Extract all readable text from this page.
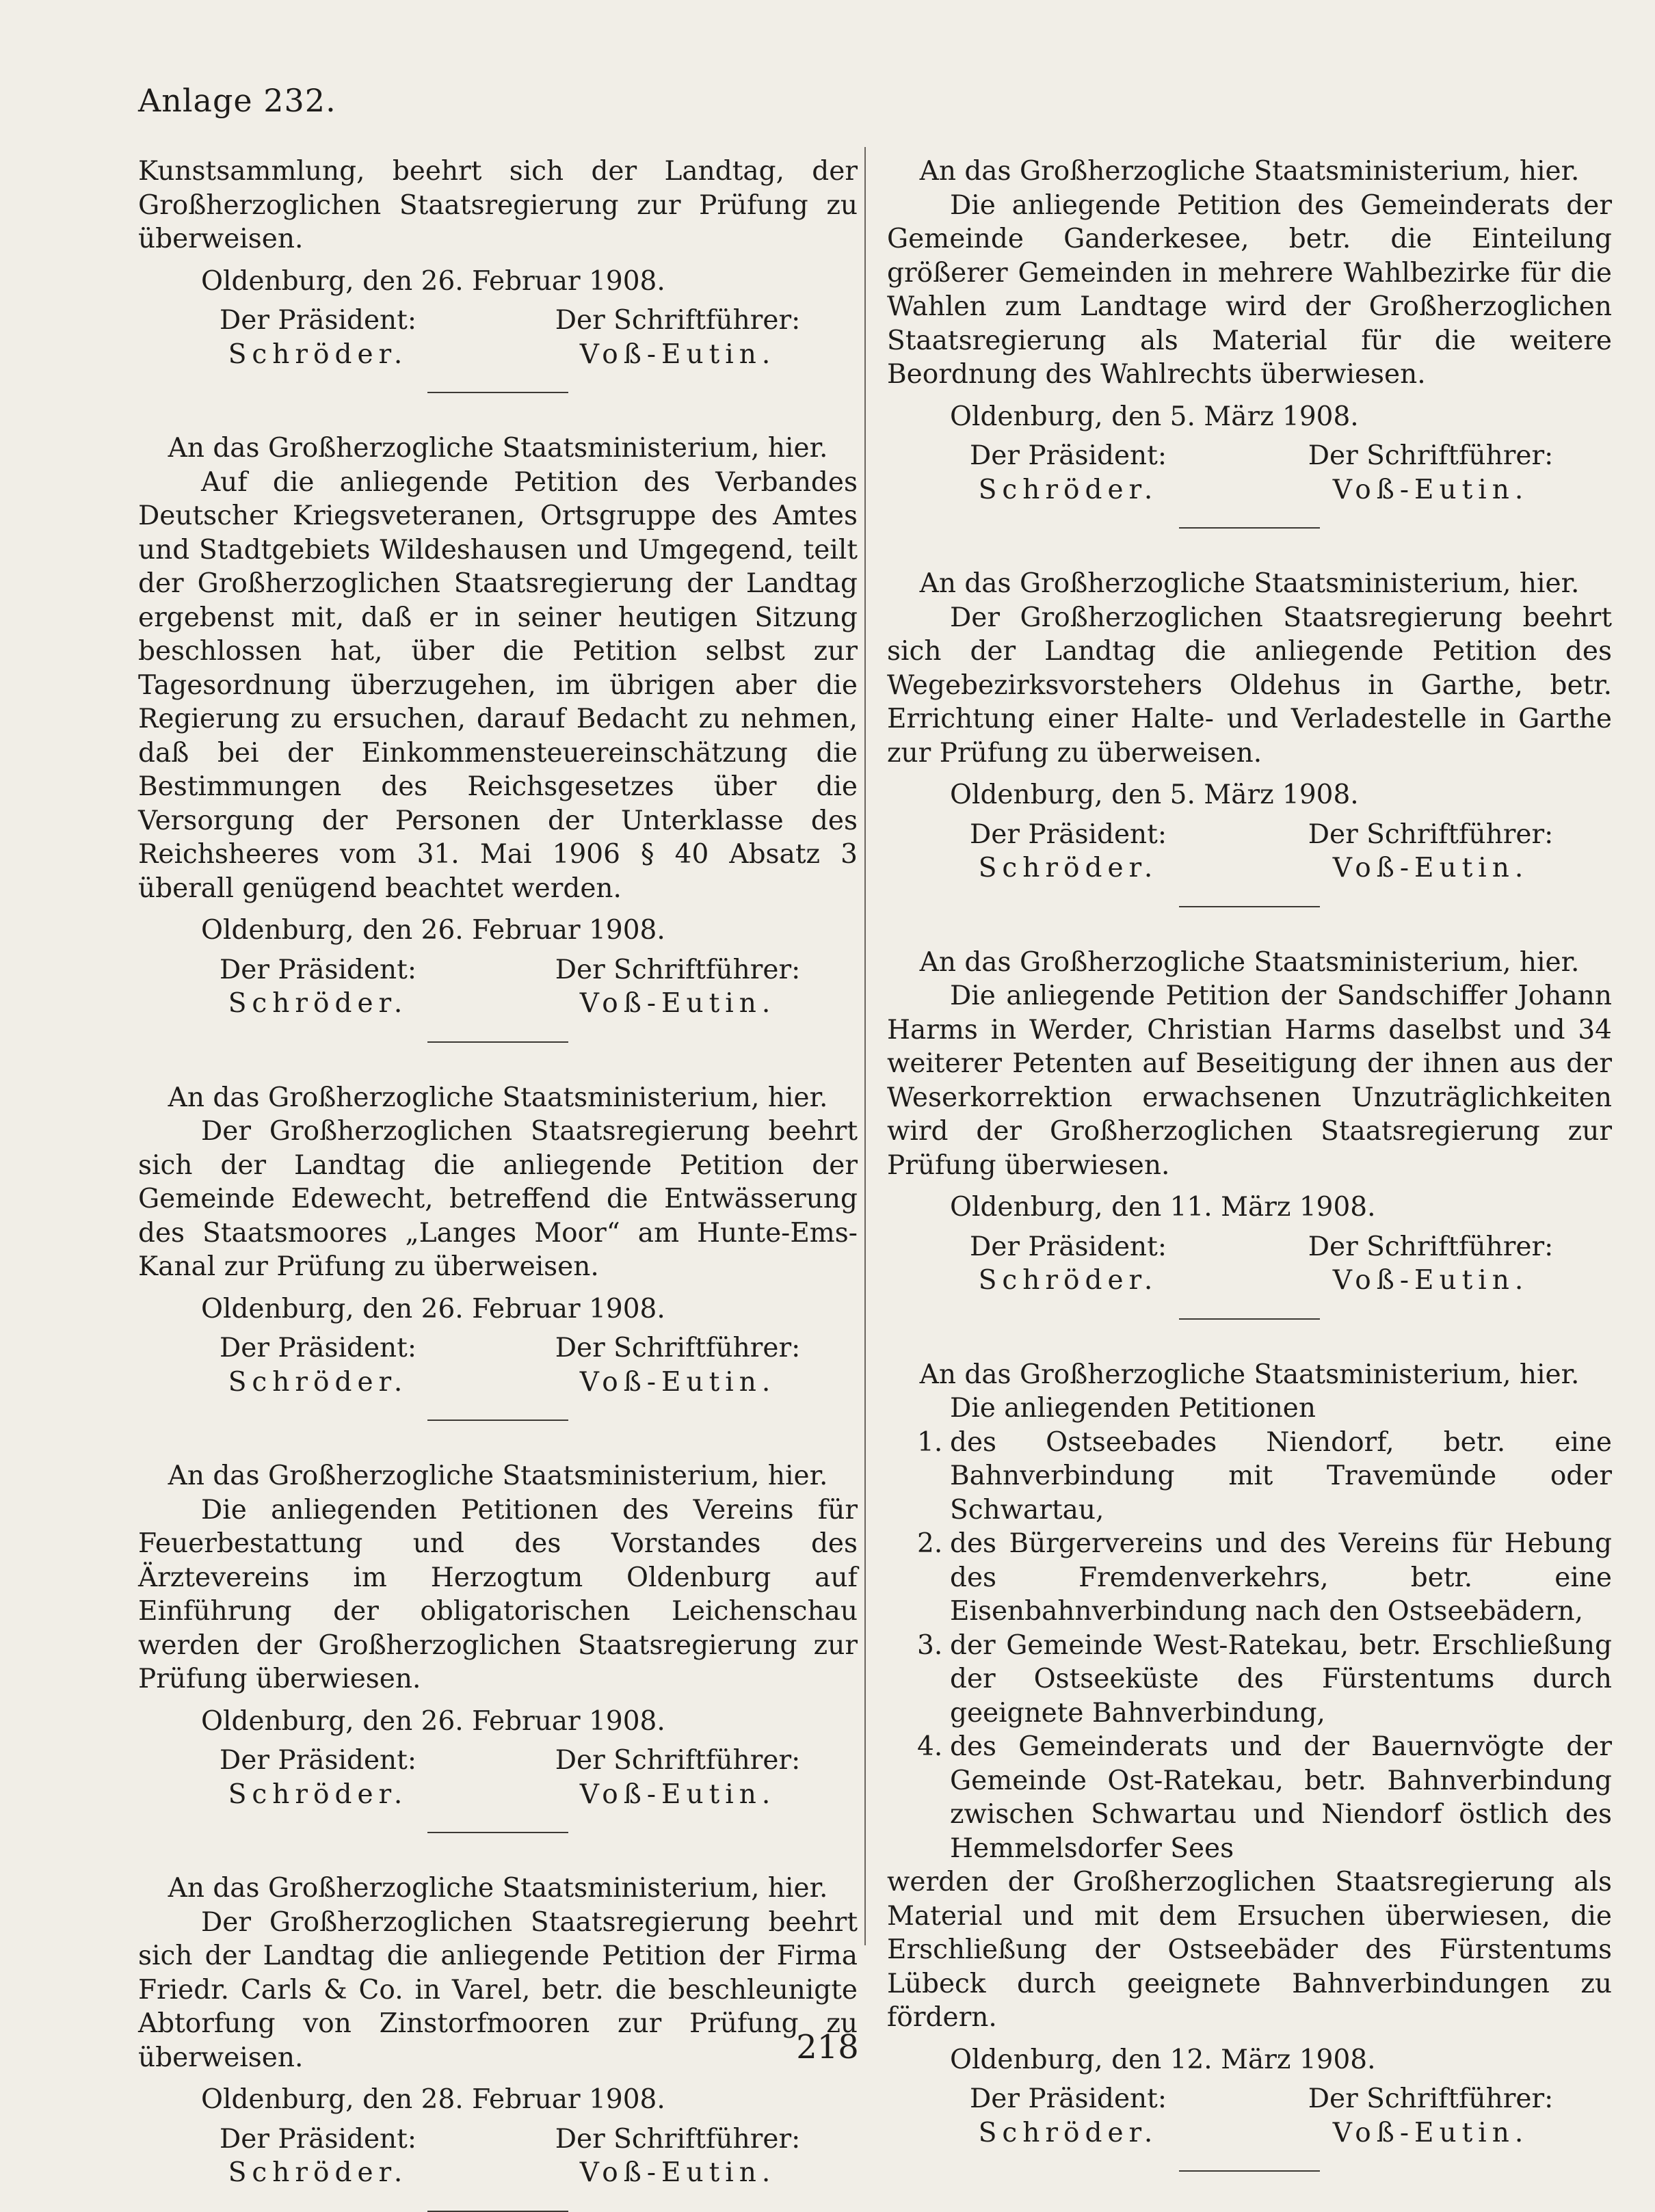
Anlage 232.

Kunstsammlung, beehrt sich der Landtag, der Großherzoglichen Staatsregierung zur Prüfung zu überweisen.

Oldenburg, den 26. Februar 1908.
Der Präsident:	Der Schriftführer:
Schröder.	Voß-Eutin.

An das Großherzogliche Staatsministerium, hier.

Auf die anliegende Petition des Verbandes Deutscher Kriegsveteranen, Ortsgruppe des Amtes und Stadtgebiets Wildeshausen und Umgegend, teilt der Großherzoglichen Staatsregierung der Landtag ergebenst mit, daß er in seiner heutigen Sitzung beschlossen hat, über die Petition selbst zur Tagesordnung überzugehen, im übrigen aber die Regierung zu ersuchen, darauf Bedacht zu nehmen, daß bei der Einkommensteuereinschätzung die Bestimmungen des Reichsgesetzes über die Versorgung der Personen der Unterklasse des Reichsheeres vom 31. Mai 1906 § 40 Absatz 3 überall genügend beachtet werden.

Oldenburg, den 26. Februar 1908.
Der Präsident:	Der Schriftführer:
Schröder.	Voß-Eutin.

An das Großherzogliche Staatsministerium, hier.

Der Großherzoglichen Staatsregierung beehrt sich der Landtag die anliegende Petition der Gemeinde Edewecht, betreffend die Entwässerung des Staatsmoores „Langes Moor“ am Hunte-Ems-Kanal zur Prüfung zu überweisen.

Oldenburg, den 26. Februar 1908.
Der Präsident:	Der Schriftführer:
Schröder.	Voß-Eutin.

An das Großherzogliche Staatsministerium, hier.

Die anliegenden Petitionen des Vereins für Feuerbestattung und des Vorstandes des Ärztevereins im Herzogtum Oldenburg auf Einführung der obligatorischen Leichenschau werden der Großherzoglichen Staatsregierung zur Prüfung überwiesen.

Oldenburg, den 26. Februar 1908.
Der Präsident:	Der Schriftführer:
Schröder.	Voß-Eutin.

An das Großherzogliche Staatsministerium, hier.

Der Großherzoglichen Staatsregierung beehrt sich der Landtag die anliegende Petition der Firma Friedr. Carls & Co. in Varel, betr. die beschleunigte Abtorfung von Zinstorfmooren zur Prüfung zu überweisen.

Oldenburg, den 28. Februar 1908.
Der Präsident:	Der Schriftführer:
Schröder.	Voß-Eutin.

An das Großherzogliche Staatsministerium, hier.

Die anliegende Petition des Gemeinderats der Gemeinde Ganderkesee, betr. die Einteilung größerer Gemeinden in mehrere Wahlbezirke für die Wahlen zum Landtage wird der Großherzoglichen Staatsregierung als Material für die weitere Beordnung des Wahlrechts überwiesen.

Oldenburg, den 5. März 1908.
Der Präsident:	Der Schriftführer:
Schröder.	Voß-Eutin.

An das Großherzogliche Staatsministerium, hier.

Der Großherzoglichen Staatsregierung beehrt sich der Landtag die anliegende Petition des Wegebezirksvorstehers Oldehus in Garthe, betr. Errichtung einer Halte- und Verladestelle in Garthe zur Prüfung zu überweisen.

Oldenburg, den 5. März 1908.
Der Präsident:	Der Schriftführer:
Schröder.	Voß-Eutin.

An das Großherzogliche Staatsministerium, hier.

Die anliegende Petition der Sandschiffer Johann Harms in Werder, Christian Harms daselbst und 34 weiterer Petenten auf Beseitigung der ihnen aus der Weserkorrektion erwachsenen Unzuträglichkeiten wird der Großherzoglichen Staatsregierung zur Prüfung überwiesen.

Oldenburg, den 11. März 1908.
Der Präsident:	Der Schriftführer:
Schröder.	Voß-Eutin.

An das Großherzogliche Staatsministerium, hier.

Die anliegenden Petitionen

1. des Ostseebades Niendorf, betr. eine Bahnverbindung mit Travemünde oder Schwartau,
2. des Bürgervereins und des Vereins für Hebung des Fremdenverkehrs, betr. eine Eisenbahnverbindung nach den Ostseebädern,
3. der Gemeinde West-Ratekau, betr. Erschließung der Ostseeküste des Fürstentums durch geeignete Bahnverbindung,
4. des Gemeinderats und der Bauernvögte der Gemeinde Ost-Ratekau, betr. Bahnverbindung zwischen Schwartau und Niendorf östlich des Hemmelsdorfer Sees

werden der Großherzoglichen Staatsregierung als Material und mit dem Ersuchen überwiesen, die Erschließung der Ostseebäder des Fürstentums Lübeck durch geeignete Bahnverbindungen zu fördern.

Oldenburg, den 12. März 1908.
Der Präsident:	Der Schriftführer:
Schröder.	Voß-Eutin.
218
